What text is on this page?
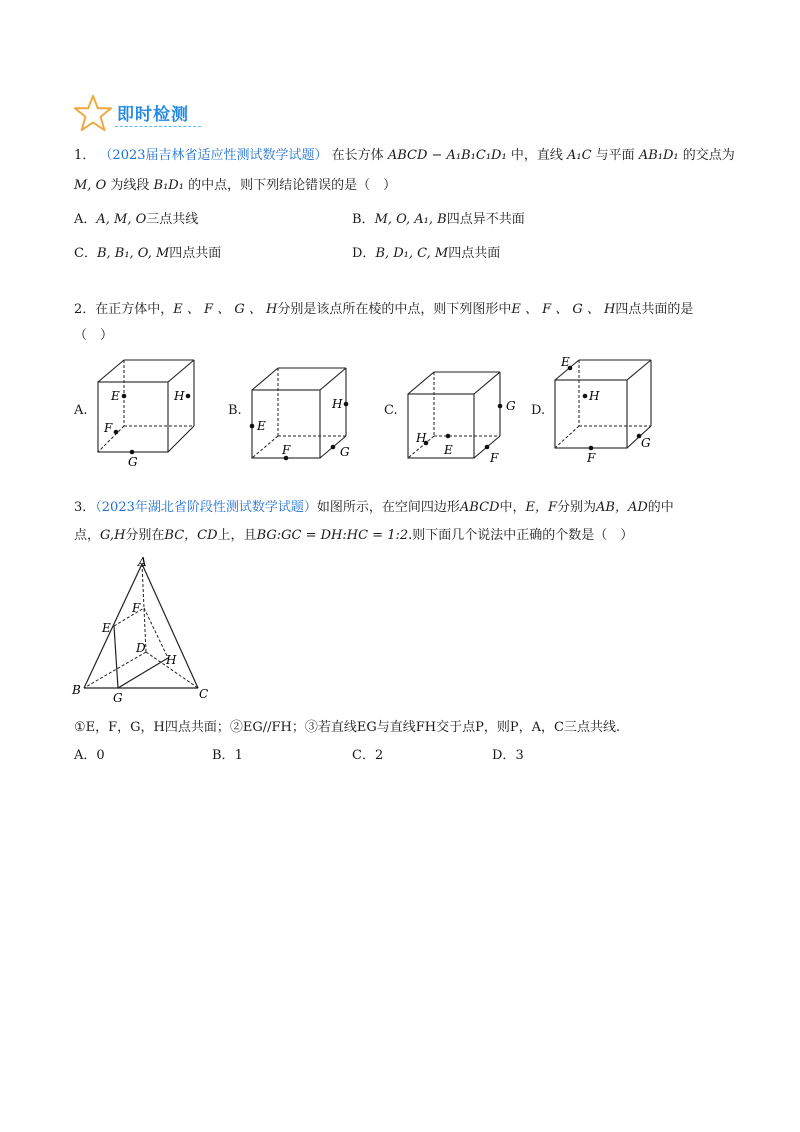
即时检测
1． （2023届吉林省适应性测试数学试题） 在长方体 ABCD − A₁B₁C₁D₁ 中，直线 A₁C 与平面 AB₁D₁ 的交点为
M, O 为线段 B₁D₁ 的中点，则下列结论错误的是（　）
A．A, M, O三点共线	B．M, O, A₁, B四点异不共面
C．B, B₁, O, M四点共面	D．B, D₁, C, M四点共面
2．在正方体中，E 、 F 、 G 、 H分别是该点所在棱的中点，则下列图形中E 、 F 、 G 、 H四点共面的是
（　）
A.
E	H
F
G
B.
E
H
F	G
C.	G
H
E
F
D.
E
H
F
G
3．（2023年湖北省阶段性测试数学试题）如图所示，在空间四边形ABCD中，E，F分别为AB，AD的中
点，G,H分别在BC，CD上，且BG:GC = DH:HC = 1:2.则下面几个说法中正确的个数是（　）
A
B	C
D
E
F
G
H
①E，F，G，H四点共面；②EG//FH；③若直线EG与直线FH交于点P，则P，A，C三点共线.
A．0	B．1	C．2	D．3
